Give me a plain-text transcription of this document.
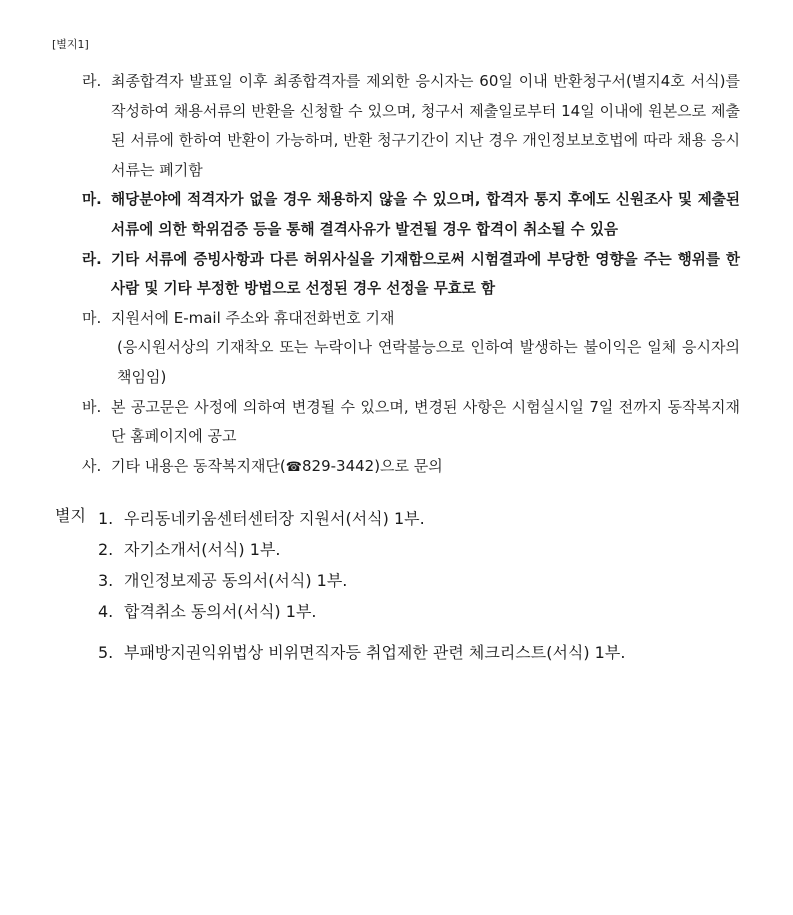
[별지1]
라. 최종합격자 발표일 이후 최종합격자를 제외한 응시자는 60일 이내 반환청구서(별지4호 서식)를 작성하여 채용서류의 반환을 신청할 수 있으며, 청구서 제출일로부터 14일 이내에 원본으로 제출된 서류에 한하여 반환이 가능하며, 반환 청구기간이 지난 경우 개인정보보호법에 따라 채용 응시서류는 폐기함
마. 해당분야에 적격자가 없을 경우 채용하지 않을 수 있으며, 합격자 통지 후에도 신원조사 및 제출된 서류에 의한 학위검증 등을 통해 결격사유가 발견될 경우 합격이 취소될 수 있음
라. 기타 서류에 증빙사항과 다른 허위사실을 기재함으로써 시험결과에 부당한 영향을 주는 행위를 한 사람 및 기타 부정한 방법으로 선정된 경우 선정을 무효로 함
마. 지원서에 E-mail 주소와 휴대전화번호 기재
(응시원서상의 기재착오 또는 누락이나 연락불능으로 인하여 발생하는 불이익은 일체 응시자의 책임임)
바. 본 공고문은 사정에 의하여 변경될 수 있으며, 변경된 사항은 시험실시일 7일 전까지 동작복지재단 홈페이지에 공고
사. 기타 내용은 동작복지재단(☎829-3442)으로 문의
별지 1. 우리동네키움센터센터장 지원서(서식) 1부.
2. 자기소개서(서식) 1부.
3. 개인정보제공 동의서(서식) 1부.
4. 합격취소 동의서(서식) 1부.
5. 부패방지권익위법상 비위면직자등 취업제한 관련 체크리스트(서식) 1부.
